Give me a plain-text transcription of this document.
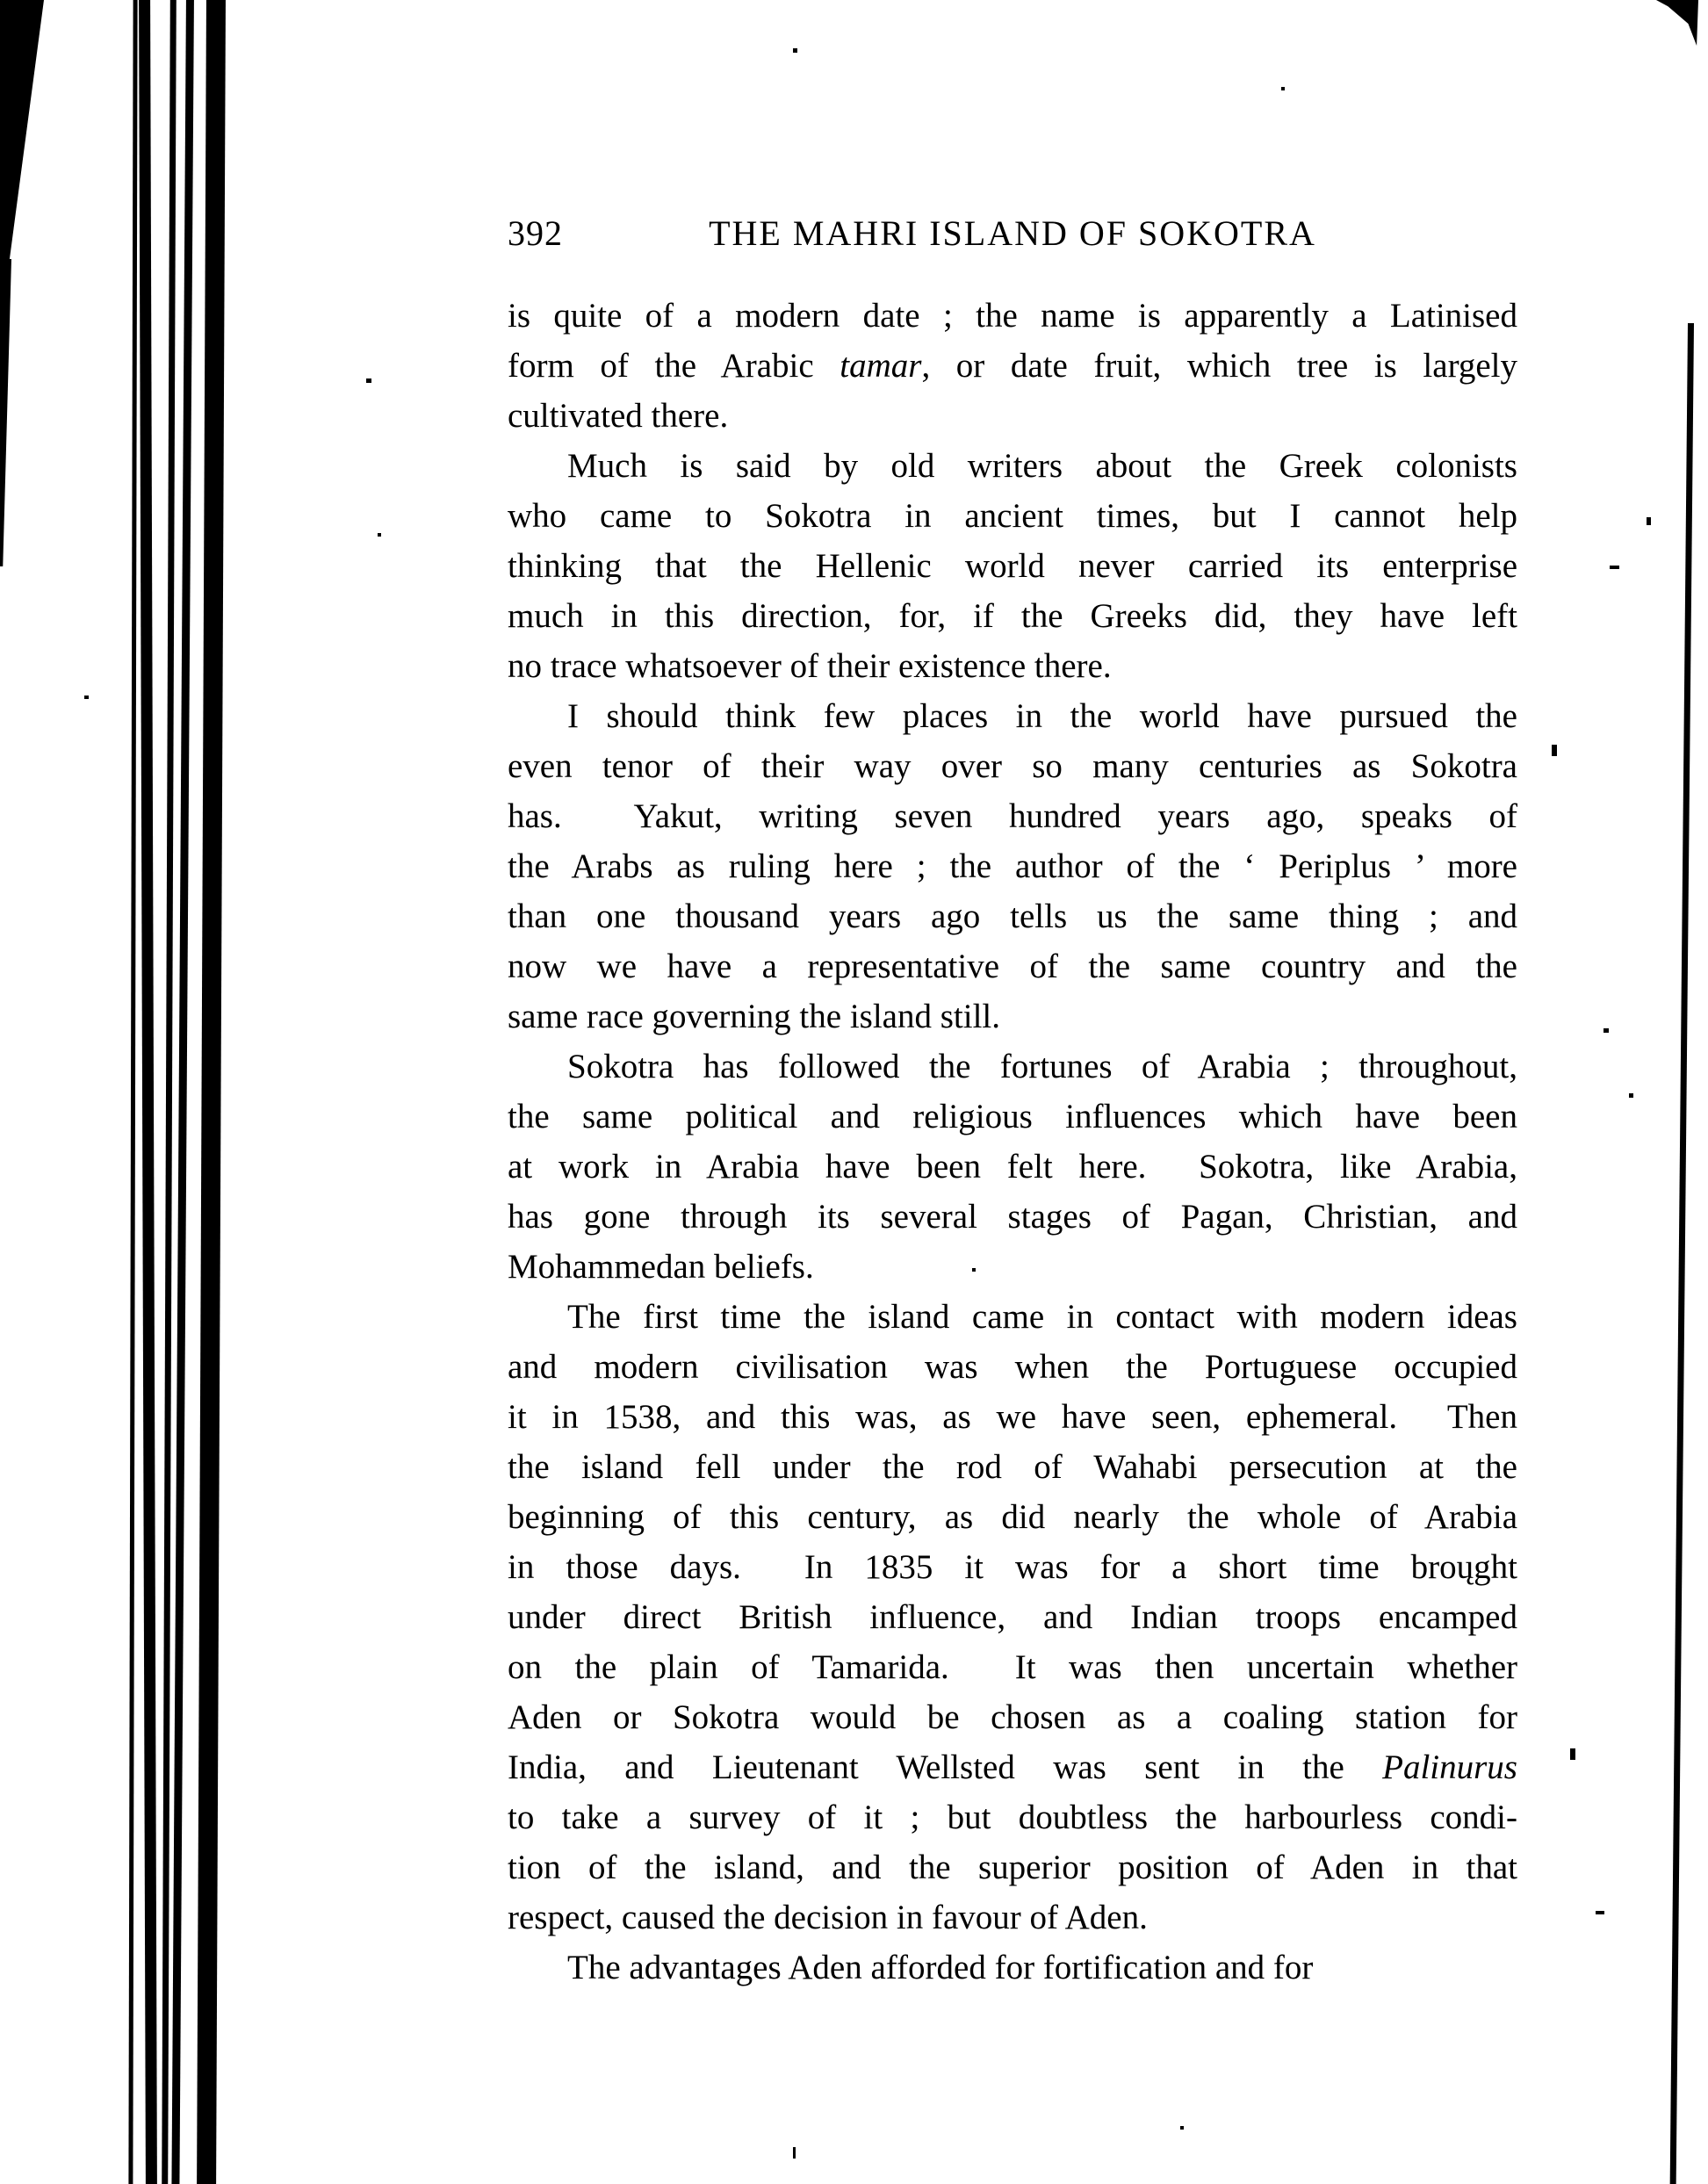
392	THE MAHRI ISLAND OF SOKOTRA
is quite of a modern date ; the name is apparently a Latinised
form of the Arabic tamar, or date fruit, which tree is largely
cultivated there.
Much is said by old writers about the Greek colonists
who came to Sokotra in ancient times, but I cannot help
thinking that the Hellenic world never carried its enterprise
much in this direction, for, if the Greeks did, they have left
no trace whatsoever of their existence there.
I should think few places in the world have pursued the
even tenor of their way over so many centuries as Sokotra
has.  Yakut, writing seven hundred years ago, speaks of
the Arabs as ruling here ; the author of the ‘ Periplus ’ more
than one thousand years ago tells us the same thing ; and
now we have a representative of the same country and the
same race governing the island still.
Sokotra has followed the fortunes of Arabia ; throughout,
the same political and religious influences which have been
at work in Arabia have been felt here.  Sokotra, like Arabia,
has gone through its several stages of Pagan, Christian, and
Mohammedan beliefs.
The first time the island came in contact with modern ideas
and modern civilisation was when the Portuguese occupied
it in 1538, and this was, as we have seen, ephemeral.  Then
the island fell under the rod of Wahabi persecution at the
beginning of this century, as did nearly the whole of Arabia
in those days.  In 1835 it was for a short time broųght
under direct British influence, and Indian troops encamped
on the plain of Tamarida.  It was then uncertain whether
Aden or Sokotra would be chosen as a coaling station for
India, and Lieutenant Wellsted was sent in the Palinurus
to take a survey of it ; but doubtless the harbourless condi-
tion of the island, and the superior position of Aden in that
respect, caused the decision in favour of Aden.
The advantages Aden afforded for fortification and for
